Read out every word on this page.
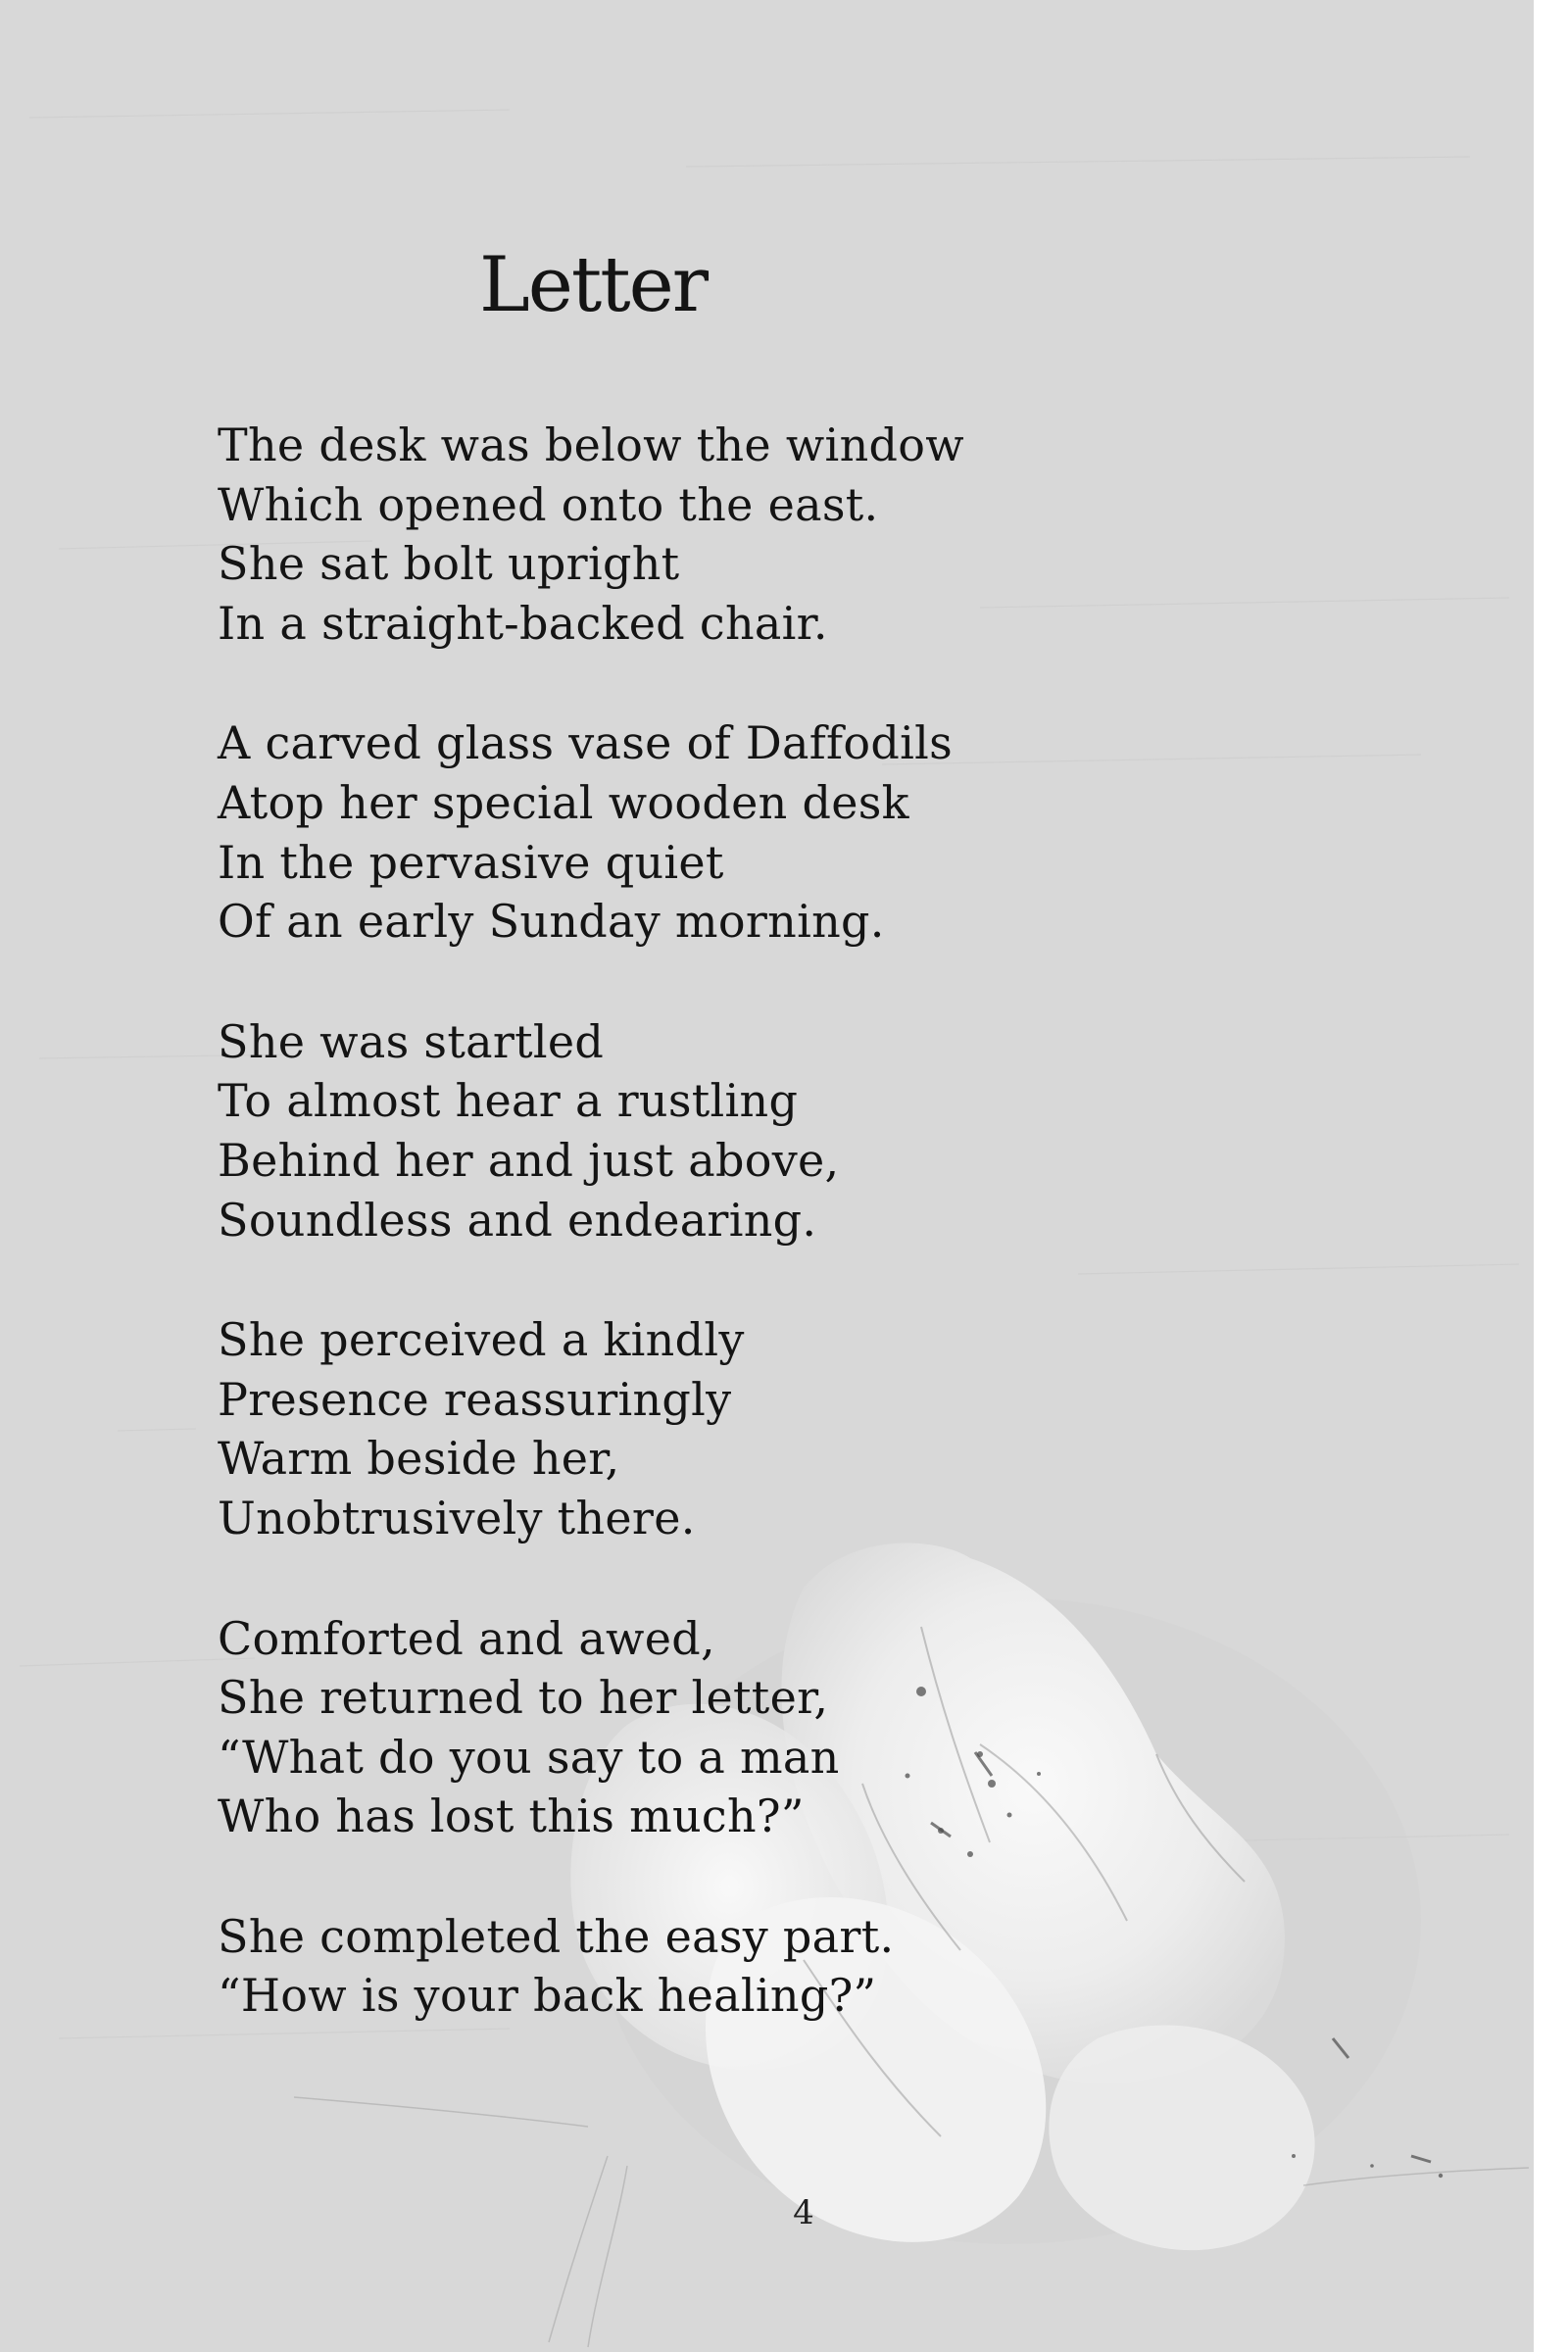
Letter
The desk was below the window
Which opened onto the east.
She sat bolt upright
In a straight-backed chair.
A carved glass vase of Daffodils
Atop her special wooden desk
In the pervasive quiet
Of an early Sunday morning.
She was startled
To almost hear a rustling
Behind her and just above,
Soundless and endearing.
She perceived a kindly
Presence reassuringly
Warm beside her,
Unobtrusively there.
Comforted and awed,
She returned to her letter,
“What do you say to a man
Who has lost this much?”
She completed the easy part.
“How is your back healing?”
4
